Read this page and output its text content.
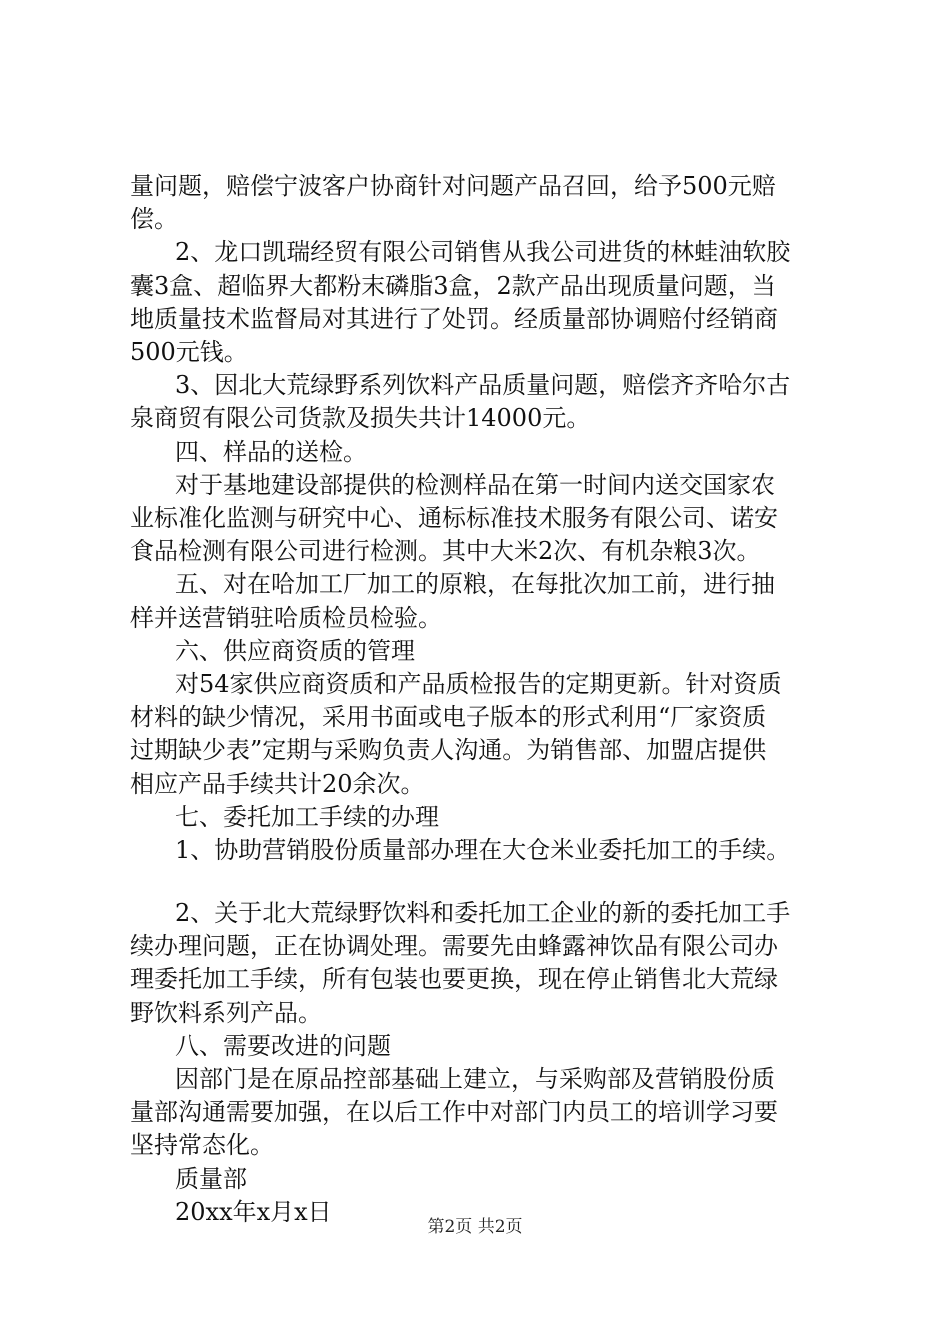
量问题，赔偿宁波客户协商针对问题产品召回，给予500元赔
偿。
2、龙口凯瑞经贸有限公司销售从我公司进货的林蛙油软胶
囊3盒、超临界大都粉末磷脂3盒，2款产品出现质量问题，当
地质量技术监督局对其进行了处罚。经质量部协调赔付经销商
500元钱。
3、因北大荒绿野系列饮料产品质量问题，赔偿齐齐哈尔古
泉商贸有限公司货款及损失共计14000元。
四、样品的送检。
对于基地建设部提供的检测样品在第一时间内送交国家农
业标准化监测与研究中心、通标标准技术服务有限公司、诺安
食品检测有限公司进行检测。其中大米2次、有机杂粮3次。
五、对在哈加工厂加工的原粮，在每批次加工前，进行抽
样并送营销驻哈质检员检验。
六、供应商资质的管理
对54家供应商资质和产品质检报告的定期更新。针对资质
材料的缺少情况，采用书面或电子版本的形式利用“厂家资质
过期缺少表”定期与采购负责人沟通。为销售部、加盟店提供
相应产品手续共计20余次。
七、委托加工手续的办理
1、协助营销股份质量部办理在大仓米业委托加工的手续。
2、关于北大荒绿野饮料和委托加工企业的新的委托加工手
续办理问题，正在协调处理。需要先由蜂露神饮品有限公司办
理委托加工手续，所有包装也要更换，现在停止销售北大荒绿
野饮料系列产品。
八、需要改进的问题
因部门是在原品控部基础上建立，与采购部及营销股份质
量部沟通需要加强，在以后工作中对部门内员工的培训学习要
坚持常态化。
质量部
20xx年x月x日
第2页 共2页
